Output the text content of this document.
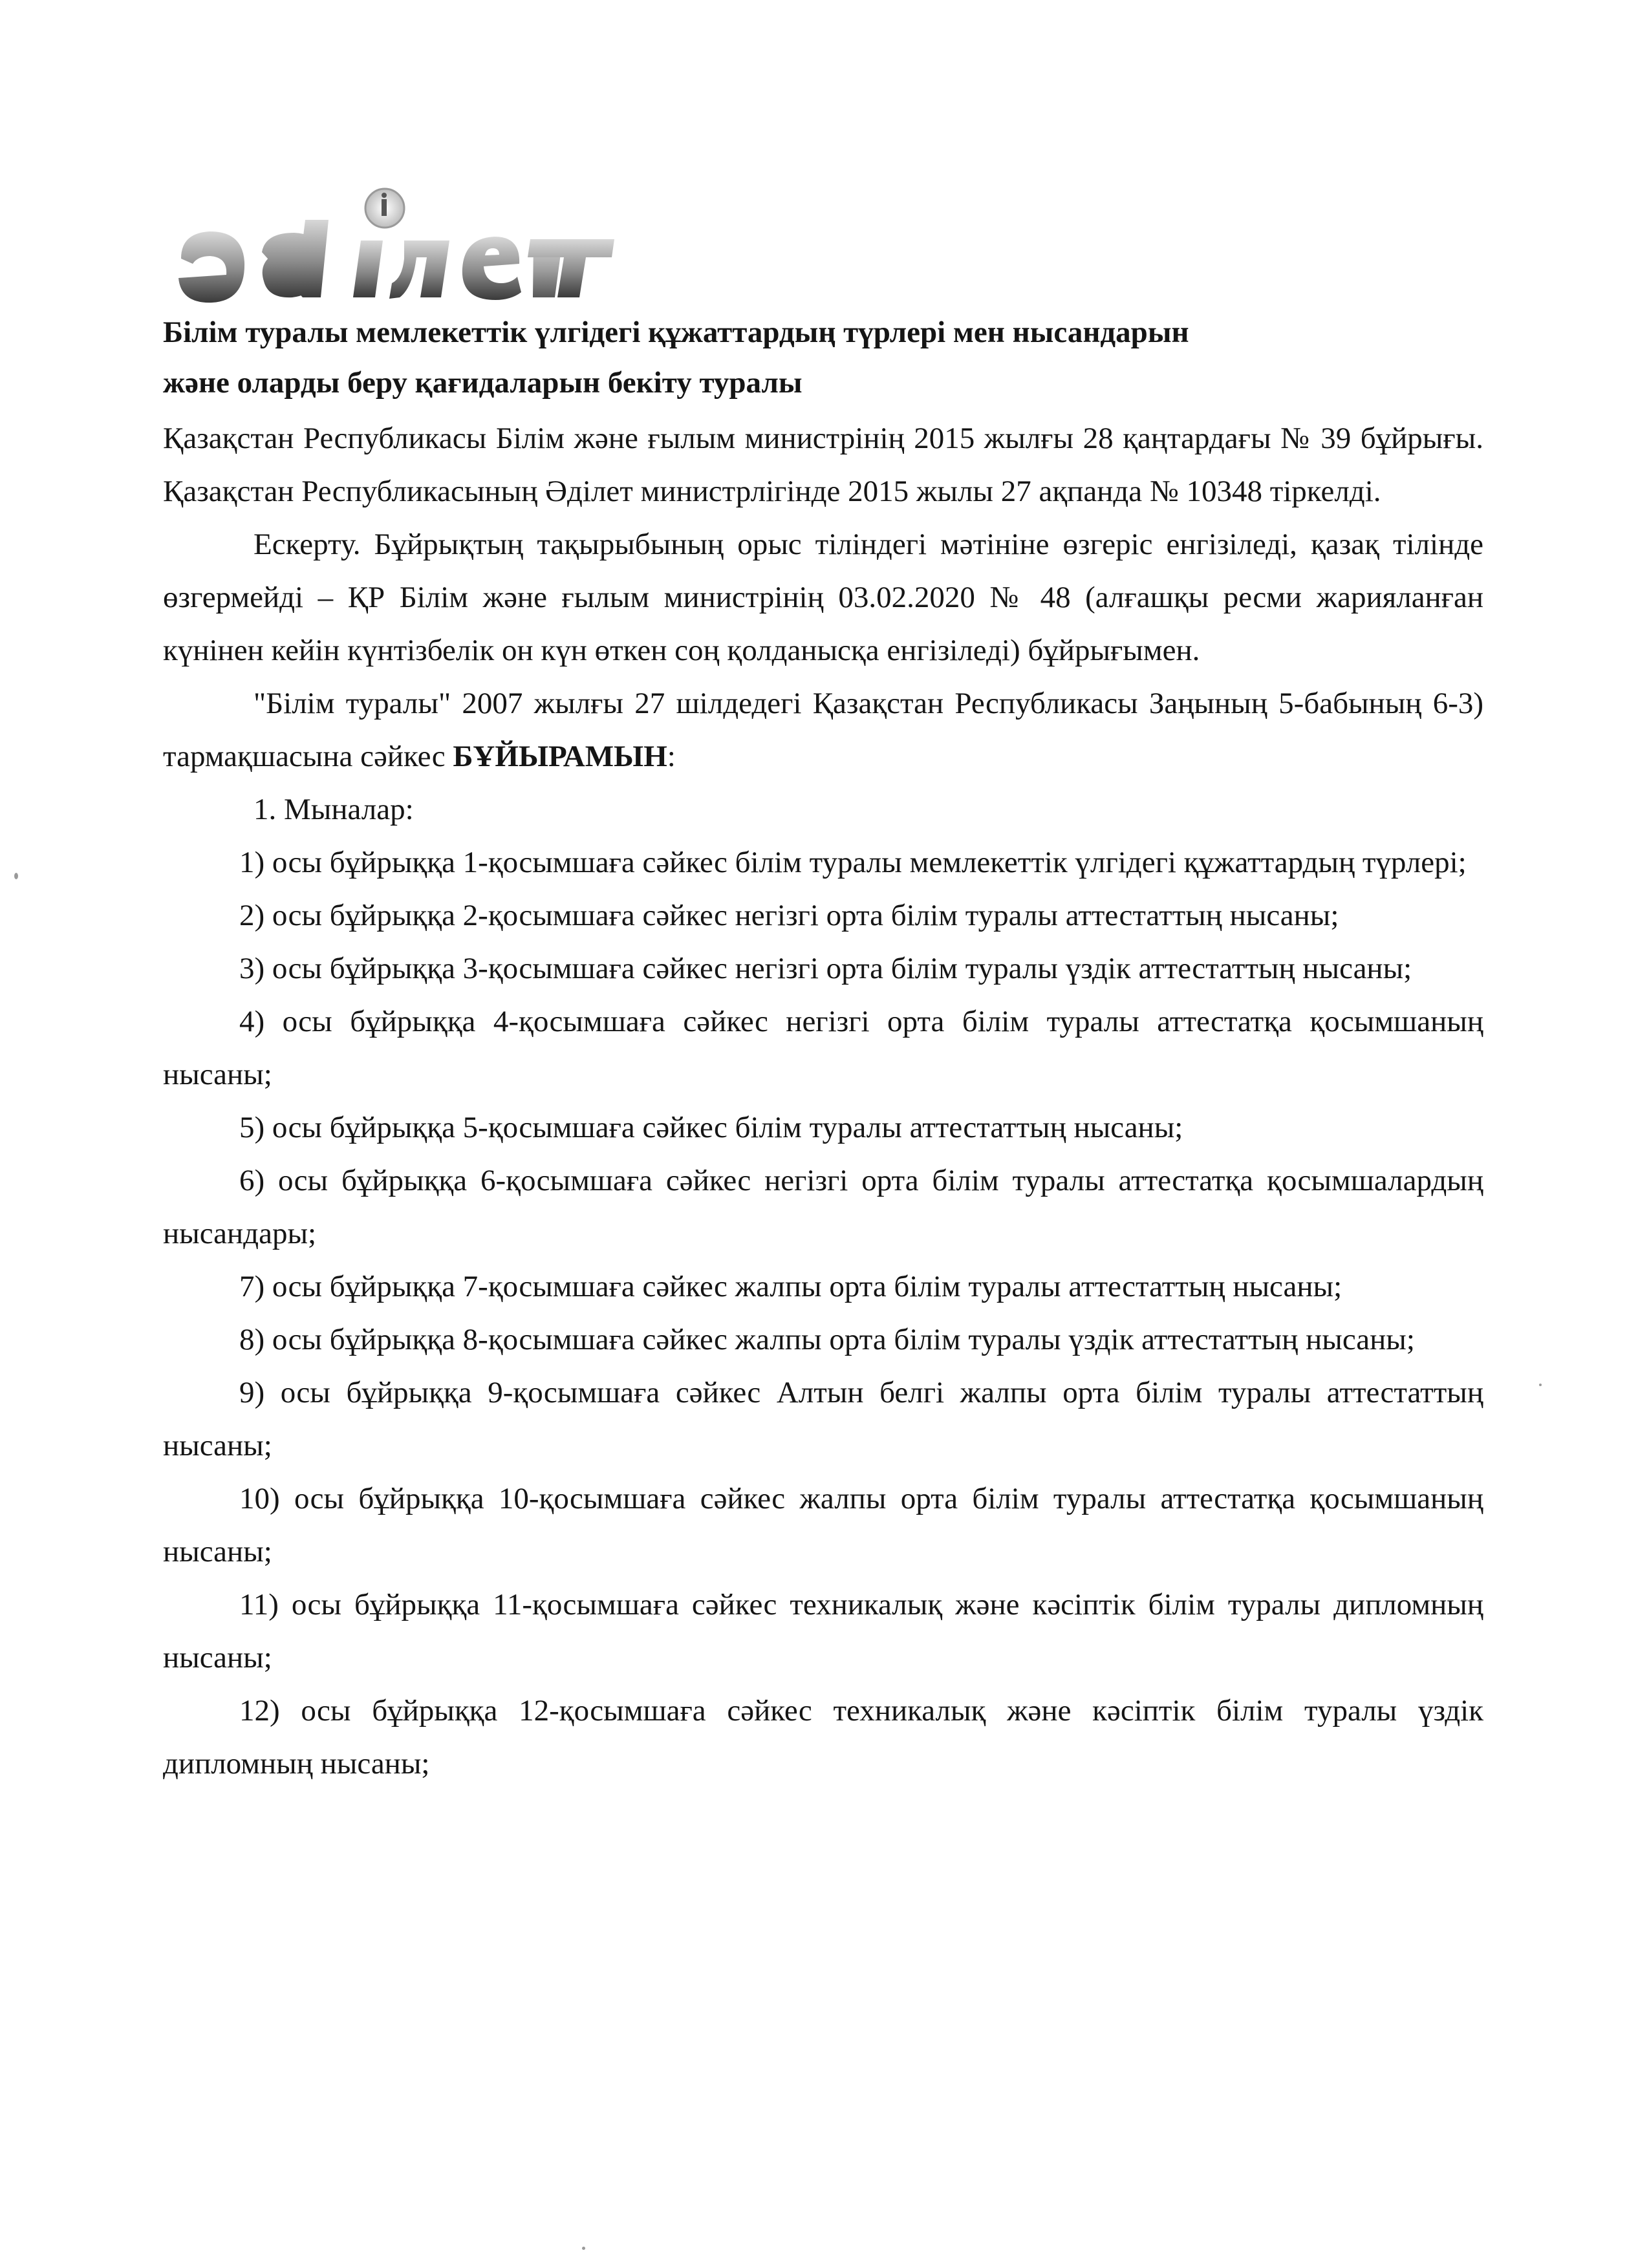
Білім туралы мемлекеттік үлгідегі құжаттардың түрлері мен нысандарын

және оларды беру қағидаларын бекіту туралы

Қазақстан Республикасы Білім және ғылым министрінің 2015 жылғы 28 қаңтардағы № 39 бұйрығы. Қазақстан Республикасының Әділет министрлігінде 2015 жылы 27 ақпанда № 10348 тіркелді.

Ескерту. Бұйрықтың тақырыбының орыс тіліндегі мәтініне өзгеріс енгізіледі, қазақ тілінде өзгермейді – ҚР Білім және ғылым министрінің 03.02.2020 № 48 (алғашқы ресми жарияланған күнінен кейін күнтізбелік он күн өткен соң қолданысқа енгізіледі) бұйрығымен.

"Білім туралы" 2007 жылғы 27 шілдедегі Қазақстан Республикасы Заңының 5-бабының 6-3) тармақшасына сәйкес БҰЙЫРАМЫН:

1. Мыналар:

1) осы бұйрыққа 1-қосымшаға сәйкес білім туралы мемлекеттік үлгідегі құжаттардың түрлері;

2) осы бұйрыққа 2-қосымшаға сәйкес негізгі орта білім туралы аттестаттың нысаны;

3) осы бұйрыққа 3-қосымшаға сәйкес негізгі орта білім туралы үздік аттестаттың нысаны;

4) осы бұйрыққа 4-қосымшаға сәйкес негізгі орта білім туралы аттестатқа қосымшаның нысаны;

5) осы бұйрыққа 5-қосымшаға сәйкес білім туралы аттестаттың нысаны;

6) осы бұйрыққа 6-қосымшаға сәйкес негізгі орта білім туралы аттестатқа қосымшалардың нысандары;

7) осы бұйрыққа 7-қосымшаға сәйкес жалпы орта білім туралы аттестаттың нысаны;

8) осы бұйрыққа 8-қосымшаға сәйкес жалпы орта білім туралы үздік аттестаттың нысаны;

9) осы бұйрыққа 9-қосымшаға сәйкес Алтын белгі жалпы орта білім туралы аттестаттың нысаны;

10) осы бұйрыққа 10-қосымшаға сәйкес жалпы орта білім туралы аттестатқа қосымшаның нысаны;

11) осы бұйрыққа 11-қосымшаға сәйкес техникалық және кәсіптік білім туралы дипломның нысаны;

12) осы бұйрыққа 12-қосымшаға сәйкес техникалық және кәсіптік білім туралы үздік дипломның нысаны;
